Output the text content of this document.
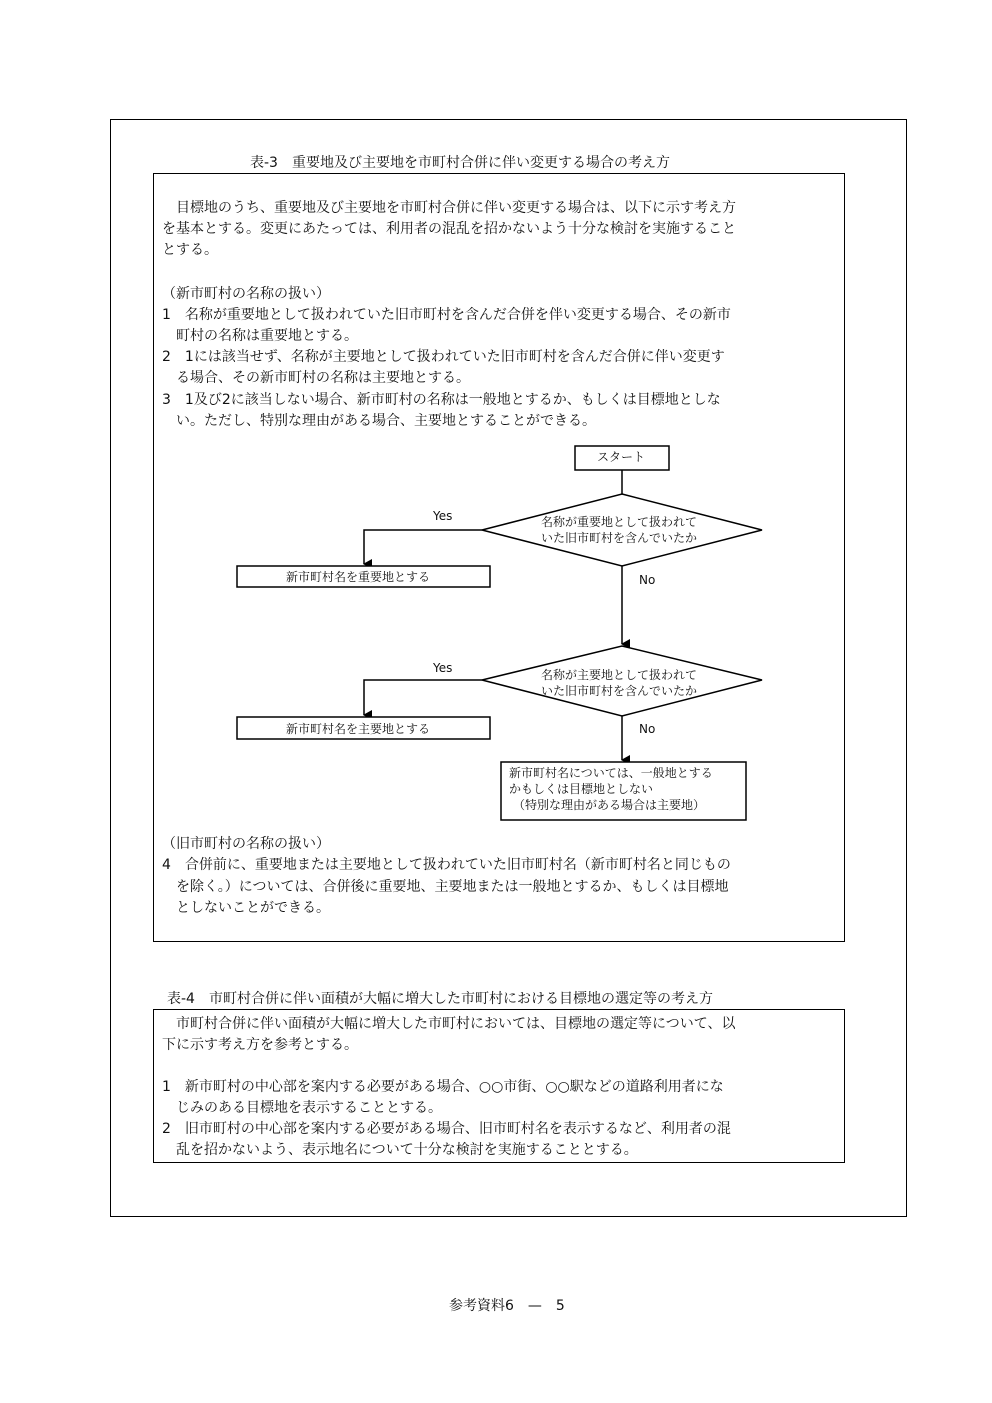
表-3　重要地及び主要地を市町村合併に伴い変更する場合の考え方
　目標地のうち、重要地及び主要地を市町村合併に伴い変更する場合は、以下に示す考え方
を基本とする。変更にあたっては、利用者の混乱を招かないよう十分な検討を実施すること
とする。
（新市町村の名称の扱い）
1　名称が重要地として扱われていた旧市町村を含んだ合併を伴い変更する場合、その新市
　町村の名称は重要地とする。
2　1には該当せず、名称が主要地として扱われていた旧市町村を含んだ合併に伴い変更す
　る場合、その新市町村の名称は主要地とする。
3　1及び2に該当しない場合、新市町村の名称は一般地とするか、もしくは目標地としな
　い。ただし、特別な理由がある場合、主要地とすることができる。
（旧市町村の名称の扱い）
4　合併前に、重要地または主要地として扱われていた旧市町村名（新市町村名と同じもの
　を除く。）については、合併後に重要地、主要地または一般地とするか、もしくは目標地
　としないことができる。
スタート
名称が重要地として扱われて
いた旧市町村を含んでいたか
Yes
No
新市町村名を重要地とする
名称が主要地として扱われて
いた旧市町村を含んでいたか
Yes
No
新市町村名を主要地とする
新市町村名については、一般地とする
かもしくは目標地としない
（特別な理由がある場合は主要地）
表-4　市町村合併に伴い面積が大幅に増大した市町村における目標地の選定等の考え方
　市町村合併に伴い面積が大幅に増大した市町村においては、目標地の選定等について、以
下に示す考え方を参考とする。
1　新市町村の中心部を案内する必要がある場合、○○市街、○○駅などの道路利用者にな
　じみのある目標地を表示することとする。
2　旧市町村の中心部を案内する必要がある場合、旧市町村名を表示するなど、利用者の混
　乱を招かないよう、表示地名について十分な検討を実施することとする。
参考資料6　—　5
